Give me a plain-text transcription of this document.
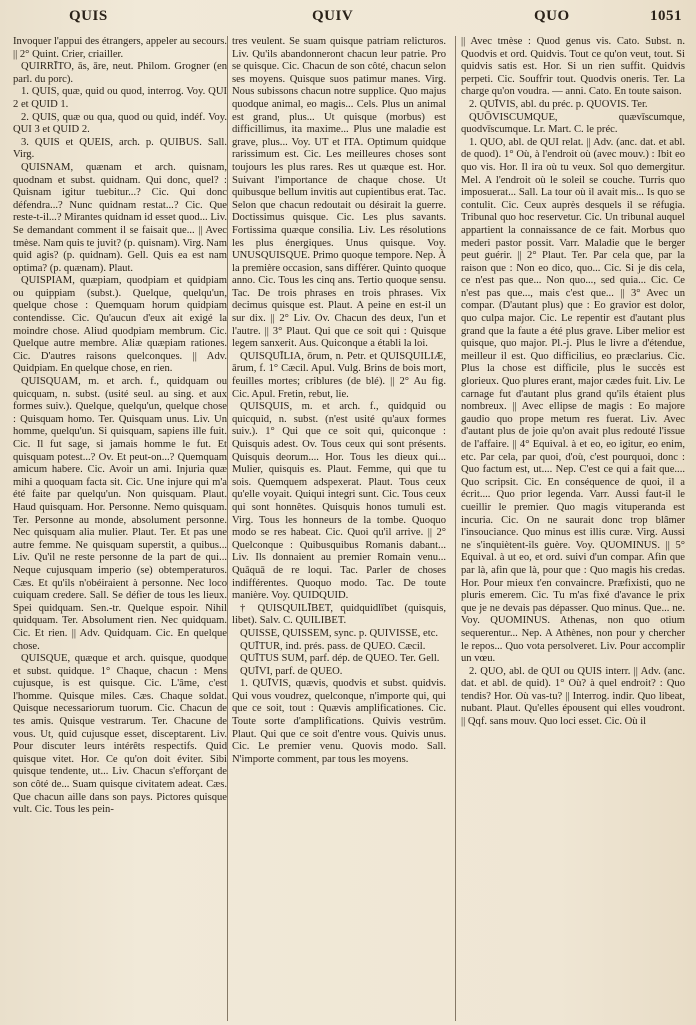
QUIS	QUIV	QUO	1051

Invoquer l'appui des étrangers, appeler au secours. || 2° Quint. Crier, criailler.

QUIRRĪTO, ās, āre, neut. Philom. Grogner (en parl. du porc).

1. QUIS, quæ, quid ou quod, interrog. Voy. QUI 2 et QUID 1.

2. QUIS, quæ ou qua, quod ou quid, indéf. Voy. QUI 3 et QUID 2.

3. QUIS et QUEIS, arch. p. QUIBUS. Sall. Virg.

QUISNAM, quænam et arch. quisnam, quodnam et subst. quidnam. Qui donc, quel? : Quisnam igitur tuebitur...? Cic. Qui donc défendra...? Nunc quidnam restat...? Cic. Que reste-t-il...? Mirantes quidnam id esset quod... Liv. Se demandant comment il se faisait que... || Avec tmèse. Nam quis te juvit? (p. quisnam). Virg. Nam quid agis? (p. quidnam). Gell. Quis ea est nam optima? (p. quænam). Plaut.

QUISPIAM, quæpiam, quodpiam et quidpiam ou quippiam (subst.). Quelque, quelqu'un, quelque chose : Quemquam horum quidpiam contendisse. Cic. Qu'aucun d'eux ait exigé la moindre chose. Aliud quodpiam membrum. Cic. Quelque autre membre. Aliæ quæpiam rationes. Cic. D'autres raisons quelconques. || Adv. Quidpiam. En quelque chose, en rien.

QUISQUAM, m. et arch. f., quidquam ou quicquam, n. subst. (usité seul. au sing. et aux formes suiv.). Quelque, quelqu'un, quelque chose : Quisquam homo. Ter. Quisquam unus. Liv. Un homme, quelqu'un. Si quisquam, sapiens ille fuit. Cic. Il fut sage, si jamais homme le fut. Et quisquam potest...? Ov. Et peut-on...? Quemquam amicum habere. Cic. Avoir un ami. Injuria quæ mihi a quoquam facta sit. Cic. Une injure qui m'a été faite par quelqu'un. Non quisquam. Plaut. Haud quisquam. Hor. Personne. Nemo quisquam. Ter. Personne au monde, absolument personne. Nec quisquam alia mulier. Plaut. Ter. Et pas une autre femme. Ne quisquam superstit, a quibus... Liv. Qu'il ne reste personne de la part de qui... Neque cujusquam imperio (se) obtemperaturos. Cæs. Et qu'ils n'obéiraient à personne. Nec loco cuiquam credere. Sall. Se défier de tous les lieux. Spei quidquam. Sen.-tr. Quelque espoir. Nihil quidquam. Ter. Absolument rien. Nec quidquam. Cic. Et rien. || Adv. Quidquam. Cic. En quelque chose.

QUISQUE, quæque et arch. quisque, quodque et subst. quidque. 1° Chaque, chacun : Mens cujusque, is est quisque. Cic. L'âme, c'est l'homme. Quisque miles. Cæs. Chaque soldat. Quisque necessariorum tuorum. Cic. Chacun de tes amis. Quisque vestrarum. Ter. Chacune de vous. Ut, quid cujusque esset, disceptarent. Liv. Pour discuter leurs intérêts respectifs. Quid quisque vitet. Hor. Ce qu'on doit éviter. Sibi quisque tendente, ut... Liv. Chacun s'efforçant de son côté de... Suam quisque civitatem adeat. Cæs. Que chacun aille dans son pays. Pictores quisque vult. Cic. Tous les pein-

tres veulent. Se suam quisque patriam relicturos. Liv. Qu'ils abandonneront chacun leur patrie. Pro se quisque. Cic. Chacun de son côté, chacun selon ses moyens. Quisque suos patimur manes. Virg. Nous subissons chacun notre supplice. Quo majus quodque animal, eo magis... Cels. Plus un animal est grand, plus... Ut quisque (morbus) est difficillimus, ita maxime... Plus une maladie est grave, plus... Voy. UT et ITA. Optimum quidque rarissimum est. Cic. Les meilleures choses sont toujours les plus rares. Res ut quæque est. Hor. Suivant l'importance de chaque chose. Ut quibusque bellum invitis aut cupientibus erat. Tac. Selon que chacun redoutait ou désirait la guerre. Doctissimus quisque. Cic. Les plus savants. Fortissima quæque consilia. Liv. Les résolutions les plus énergiques. Unus quisque. Voy. UNUSQUISQUE. Primo quoque tempore. Nep. À la première occasion, sans différer. Quinto quoque anno. Cic. Tous les cinq ans. Tertio quoque sensu. Tac. De trois phrases en trois phrases. Vix decimus quisque est. Plaut. A peine en est-il un sur dix. || 2° Liv. Ov. Chacun des deux, l'un et l'autre. || 3° Plaut. Qui que ce soit qui : Quisque legem sanxerit. Aus. Quiconque a établi la loi.

QUISQUĪLIA, ōrum, n. Petr. et QUISQUILIÆ, ārum, f. 1° Cæcil. Apul. Vulg. Brins de bois mort, feuilles mortes; criblures (de blé). || 2° Au fig. Cic. Apul. Fretin, rebut, lie.

QUISQUIS, m. et arch. f., quidquid ou quicquid, n. subst. (n'est usité qu'aux formes suiv.). 1° Qui que ce soit qui, quiconque : Quisquis adest. Ov. Tous ceux qui sont présents. Quisquis deorum.... Hor. Tous les dieux qui... Mulier, quisquis es. Plaut. Femme, qui que tu sois. Quemquem adspexerat. Plaut. Tous ceux qu'elle voyait. Quiqui integri sunt. Cic. Tous ceux qui sont honnêtes. Quisquis honos tumuli est. Virg. Tous les honneurs de la tombe. Quoquo modo se res habeat. Cic. Quoi qu'il arrive. || 2° Quelconque : Quibusquibus Romanis dabant... Liv. Ils donnaient au premier Romain venu... Quāquā de re loqui. Tac. Parler de choses indifférentes. Quoquo modo. Tac. De toute manière. Voy. QUIDQUID.

† QUISQUILĪBET, quidquidlībet (quisquis, libet). Salv. C. QUILIBET.

QUISSE, QUISSEM, sync. p. QUIVISSE, etc.

QUĪTUR, ind. prés. pass. de QUEO. Cæcil.

QUĪTUS SUM, parf. dép. de QUEO. Ter. Gell.

QUĪVI, parf. de QUEO.

1. QUĪVIS, quævis, quodvis et subst. quidvis. Qui vous voudrez, quelconque, n'importe qui, qui que ce soit, tout : Quævis amplificationes. Cic. Toute sorte d'amplifications. Quivis vestrūm. Plaut. Qui que ce soit d'entre vous. Quivis unus. Cic. Le premier venu. Quovis modo. Sall. N'importe comment, par tous les moyens.

|| Avec tmèse : Quod genus vis. Cato. Subst. n. Quodvis et ord. Quidvis. Tout ce qu'on veut, tout. Si quidvis satis est. Hor. Si un rien suffit. Quidvis perpeti. Cic. Souffrir tout. Quodvis oneris. Ter. La charge qu'on voudra. — anni. Cato. En toute saison.

2. QUĪVIS, abl. du préc. p. QUOVIS. Ter.

QUŌVISCUMQUE, quævīscumque, quodvīscumque. Lr. Mart. C. le préc.

1. QUO, abl. de QUI relat. || Adv. (anc. dat. et abl. de quod). 1° Où, à l'endroit où (avec mouv.) : Ibit eo quo vis. Hor. Il ira où tu veux. Sol quo demergitur. Mel. A l'endroit où le soleil se couche. Turris quo imposuerat... Sall. La tour où il avait mis... Is quo se contulit. Cic. Ceux auprès desquels il se réfugia. Tribunal quo hoc reservetur. Cic. Un tribunal auquel appartient la connaissance de ce fait. Morbus quo mederi pastor possit. Varr. Maladie que le berger peut guérir. || 2° Plaut. Ter. Par cela que, par la raison que : Non eo dico, quo... Cic. Si je dis cela, ce n'est pas que... Non quo..., sed quia... Cic. Ce n'est pas que..., mais c'est que... || 3° Avec un compar. (D'autant plus) que : Eo gravior est dolor, quo culpa major. Cic. Le repentir est d'autant plus grand que la faute a été plus grave. Liber melior est quisque, quo major. Pl.-j. Plus le livre a d'étendue, meilleur il est. Quo difficilius, eo præclarius. Cic. Plus la chose est difficile, plus le succès est glorieux. Quo plures erant, major cædes fuit. Liv. Le carnage fut d'autant plus grand qu'ils étaient plus nombreux. || Avec ellipse de magis : Eo majore gaudio quo prope metum res fuerat. Liv. Avec d'autant plus de joie qu'on avait plus redouté l'issue de l'affaire. || 4° Equival. à et eo, eo igitur, eo enim, etc. Par cela, par quoi, d'où, c'est pourquoi, donc : Quo factum est, ut.... Nep. C'est ce qui a fait que.... Quo scripsit. Cic. En conséquence de quoi, il a écrit.... Quo prior legenda. Varr. Aussi faut-il le cueillir le premier. Quo magis vituperanda est incuria. Cic. On ne saurait donc trop blâmer l'insouciance. Quo minus est illis curæ. Virg. Aussi ne s'inquiètent-ils guère. Voy. QUOMINUS. || 5° Equival. à ut eo, et ord. suivi d'un compar. Afin que par là, afin que là, pour que : Quo magis his credas. Hor. Pour mieux t'en convaincre. Præfixisti, quo ne pluris emerem. Cic. Tu m'as fixé d'avance le prix que je ne devais pas dépasser. Quo minus. Que... ne. Voy. QUOMINUS. Athenas, non quo otium sequerentur... Nep. A Athènes, non pour y chercher le repos... Quo vota persolveret. Liv. Pour accomplir un vœu.

2. QUO, abl. de QUI ou QUIS interr. || Adv. (anc. dat. et abl. de quid). 1° Où? à quel endroit? : Quo tendis? Hor. Où vas-tu? || Interrog. indir. Quo libeat, nubant. Plaut. Qu'elles épousent qui elles voudront. || Qqf. sans mouv. Quo loci esset. Cic. Où il
